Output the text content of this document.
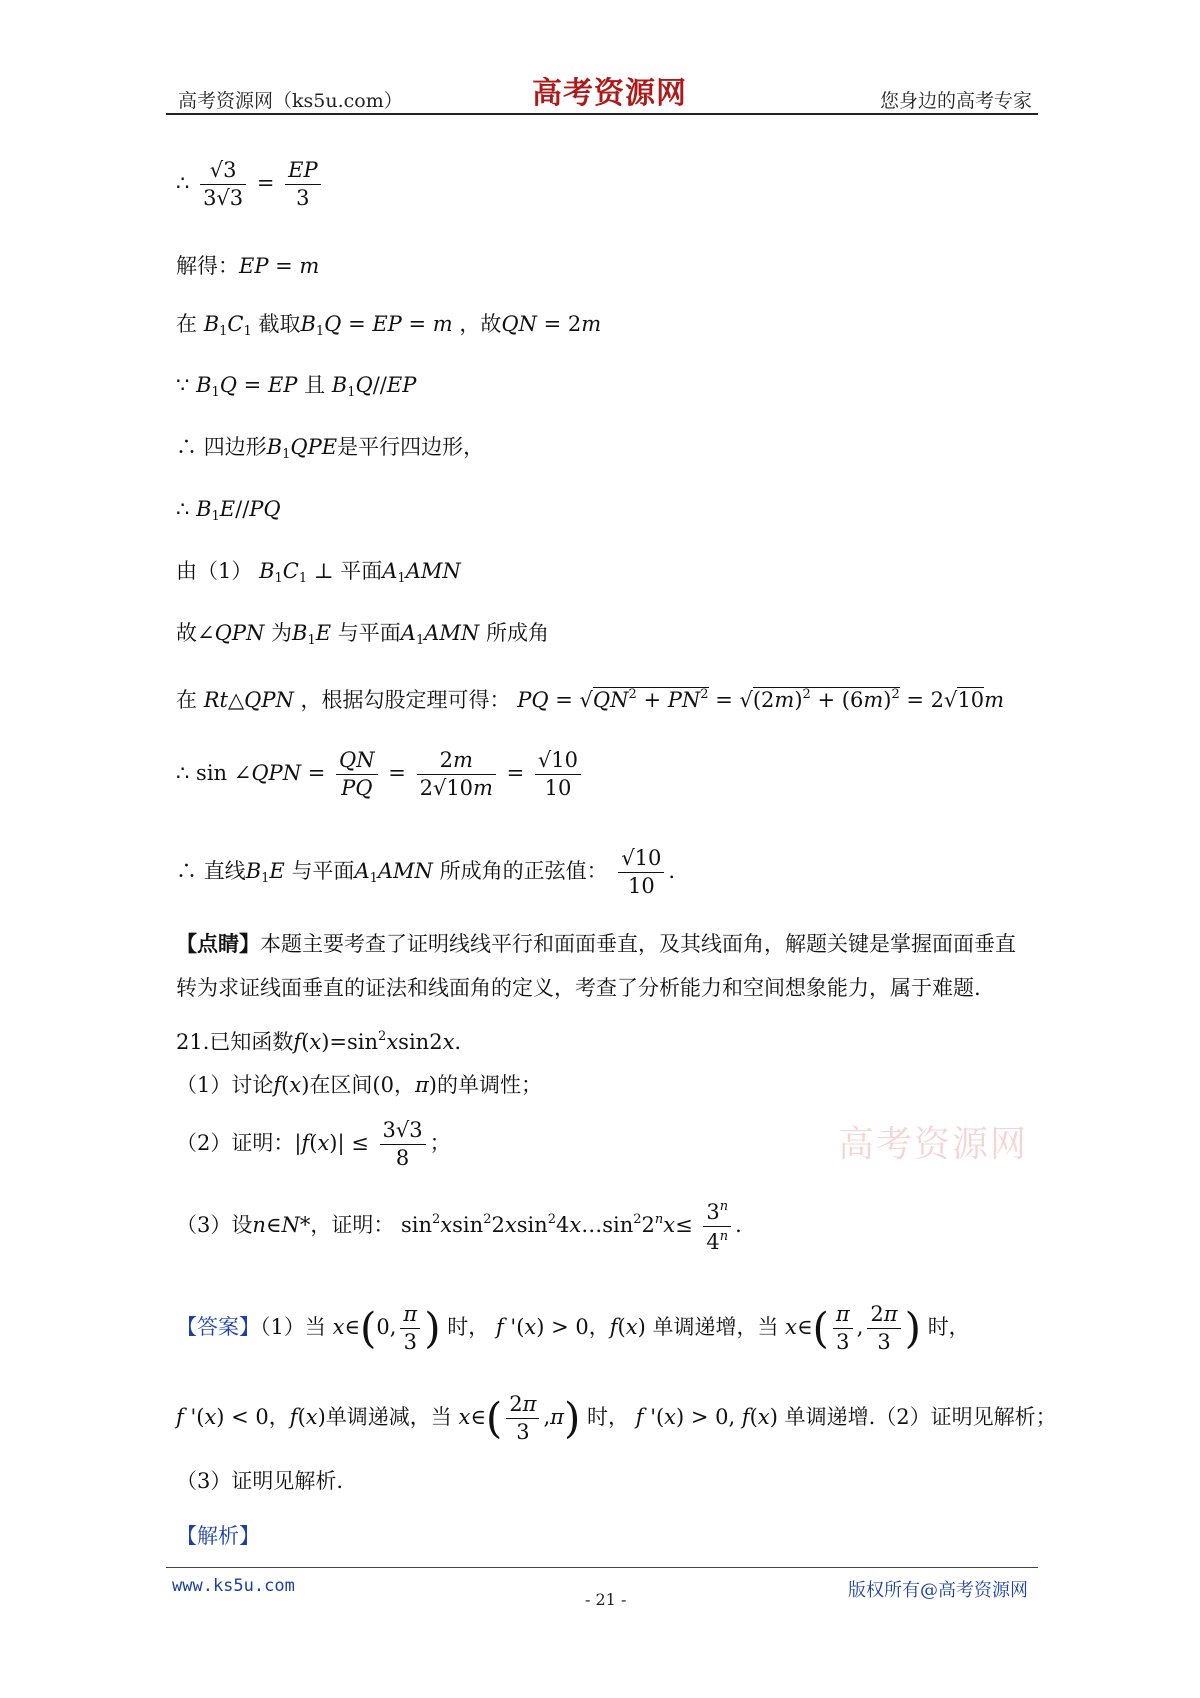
高考资源网（ks5u.com）	高考资源网	您身边的高考专家
∴ $\frac{√3}{3√3} = \frac{EP}{3}$
解得：EP = m
在 $B_1C_1$ 截取$B_1Q$ = EP = m ，故QN = 2m
∵ $B_1Q$ = EP 且 $B_1Q//EP$
∴ 四边形$B_1QPE$是平行四边形，
∴ $B_1E//PQ$
由（1） $B_1C_1$ ⊥ 平面$A_1AMN$
故∠QPN 为$B_1E$ 与平面$A_1AMN$ 所成角
在 Rt△QPN ，根据勾股定理可得： PQ = $√QN^2 + PN^2 = √(2m)^2 + (6m)^2 = 2√10m$
∴ sin ∠QPN = $\frac{QN}{PQ} = \frac{2m}{2√10m} = \frac{√10}{10}$
∴ 直线$B_1E$ 与平面$A_1AMN$ 所成角的正弦值： $\frac{√10}{10}$ .
【点睛】本题主要考查了证明线线平行和面面垂直，及其线面角，解题关键是掌握面面垂直转为求证线面垂直的证法和线面角的定义，考查了分析能力和空间想象能力，属于难题.
21.已知函数$f(x)=\sin^2xsin2x$.
（1）讨论f(x)在区间(0，π)的单调性；
（2）证明：$|f(x)| \le \frac{3√3}{8}$ ；
（3）设n∈N*，证明： $\sin^2xsin^22xsin^24x\dots\sin^22^nx\le \frac{3^n}{4^n}$ .
【答案】（1）当 x∈(0, $\frac{\pi}{3}$ ) 时， f '(x) > 0，f(x) 单调递增，当 x∈( $\frac{\pi}{3}$ , $\frac{2\pi}{3}$ ) 时，
f '(x) < 0，f(x)单调递减，当 x∈( $\frac{2\pi}{3} ,\pi$) 时， f '(x) > 0, f(x) 单调递增.（2）证明见解析；
（3）证明见解析.
【解析】
高考资源网
www.ks5u.com
- 21 -	版权所有@高考资源网
